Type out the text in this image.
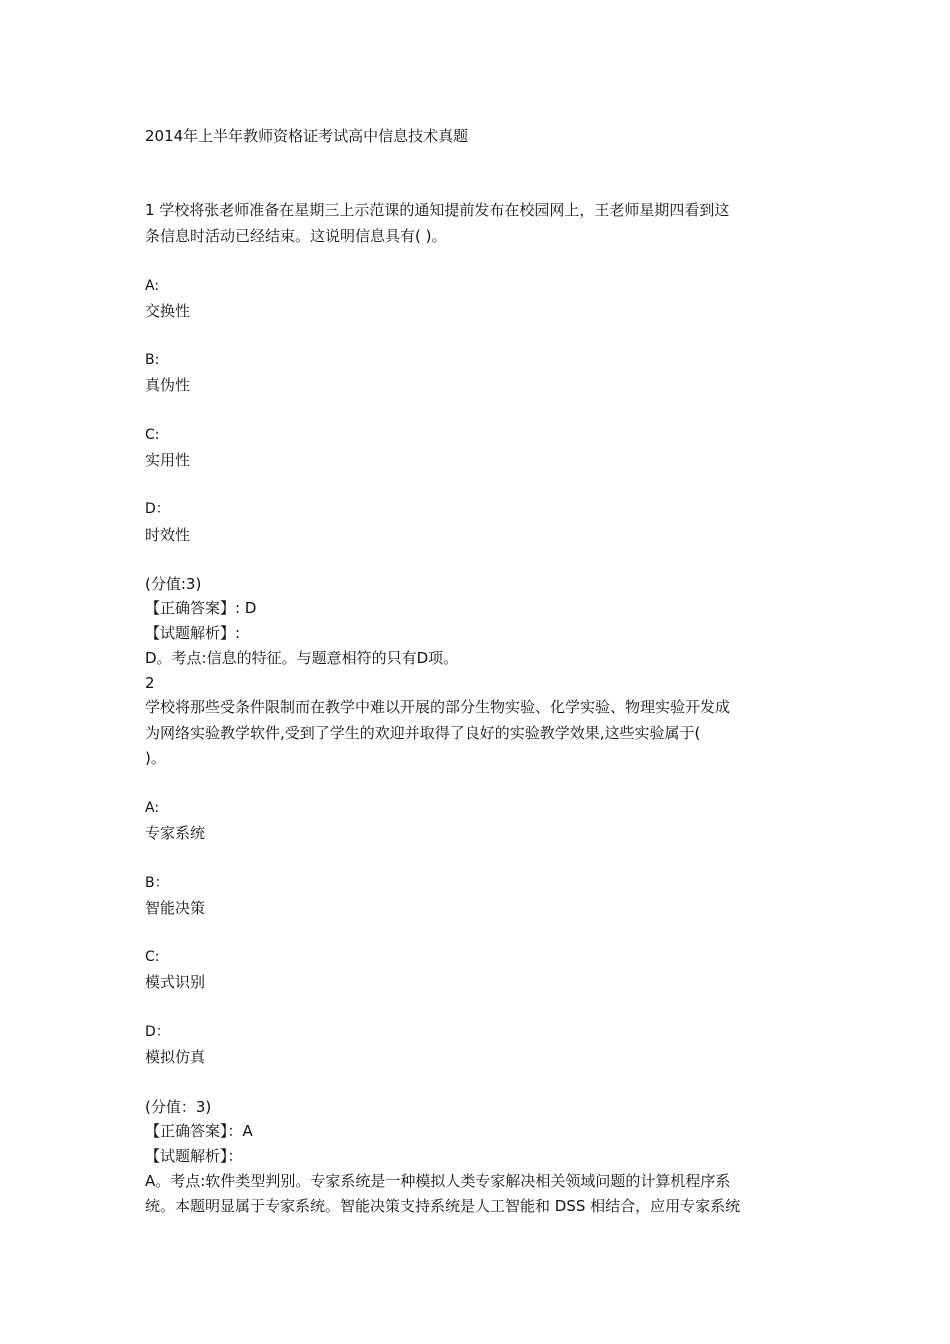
2014年上半年教师资格证考试高中信息技术真题
1 学校将张老师准备在星期三上示范课的通知提前发布在校园网上，王老师星期四看到这
条信息时活动已经结束。这说明信息具有( )。
A:
交换性
B:
真伪性
C:
实用性
D：
时效性
(分值:3)
【正确答案】: D
【试题解析】:
D。考点:信息的特征。与题意相符的只有D项。
2
学校将那些受条件限制而在教学中难以开展的部分生物实验、化学实验、物理实验开发成
为网络实验教学软件,受到了学生的欢迎并取得了良好的实验教学效果,这些实验属于(
)。
A:
专家系统
B：
智能决策
C:
模式识别
D：
模拟仿真
(分值：3)
【正确答案】：A
【试题解析】：
A。考点:软件类型判别。专家系统是一种模拟人类专家解决相关领域问题的计算机程序系
统。本题明显属于专家系统。智能决策支持系统是人工智能和 DSS 相结合，应用专家系统
